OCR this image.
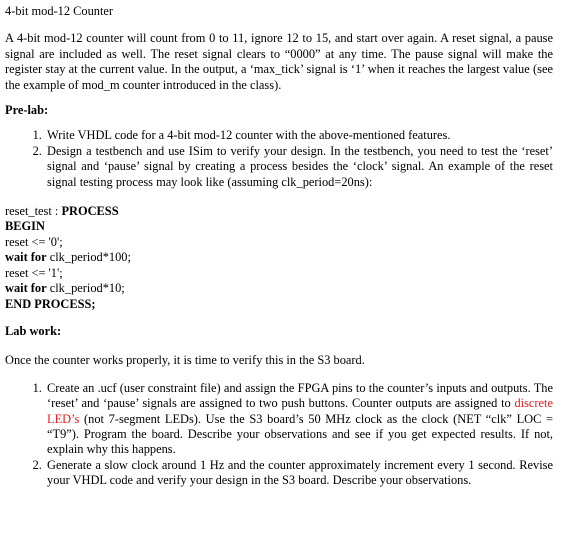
4-bit mod-12 Counter

A 4-bit mod-12 counter will count from 0 to 11, ignore 12 to 15, and start over again. A reset signal, a pause signal are included as well. The reset signal clears to “0000” at any time. The pause signal will make the register stay at the current value. In the output, a ‘max_tick’ signal is ‘1’ when it reaches the largest value (see the example of mod_m counter introduced in the class).

Pre-lab:
1. Write VHDL code for a 4-bit mod-12 counter with the above-mentioned features.
2. Design a testbench and use ISim to verify your design. In the testbench, you need to test the ‘reset’ signal and ‘pause’ signal by creating a process besides the ‘clock’ signal. An example of the reset signal testing process may look like (assuming clk_period=20ns):
reset_test : PROCESS
BEGIN
reset <= '0';
wait for clk_period*100;
reset <= '1';
wait for clk_period*10;
END PROCESS;
Lab work:

Once the counter works properly, it is time to verify this in the S3 board.

1. Create an .ucf (user constraint file) and assign the FPGA pins to the counter’s inputs and outputs. The ‘reset’ and ‘pause’ signals are assigned to two push buttons. Counter outputs are assigned to discrete LED’s (not 7-segment LEDs). Use the S3 board’s 50 MHz clock as the clock (NET “clk” LOC = “T9”). Program the board. Describe your observations and see if you get expected results. If not, explain why this happens.
2. Generate a slow clock around 1 Hz and the counter approximately increment every 1 second. Revise your VHDL code and verify your design in the S3 board. Describe your observations.
